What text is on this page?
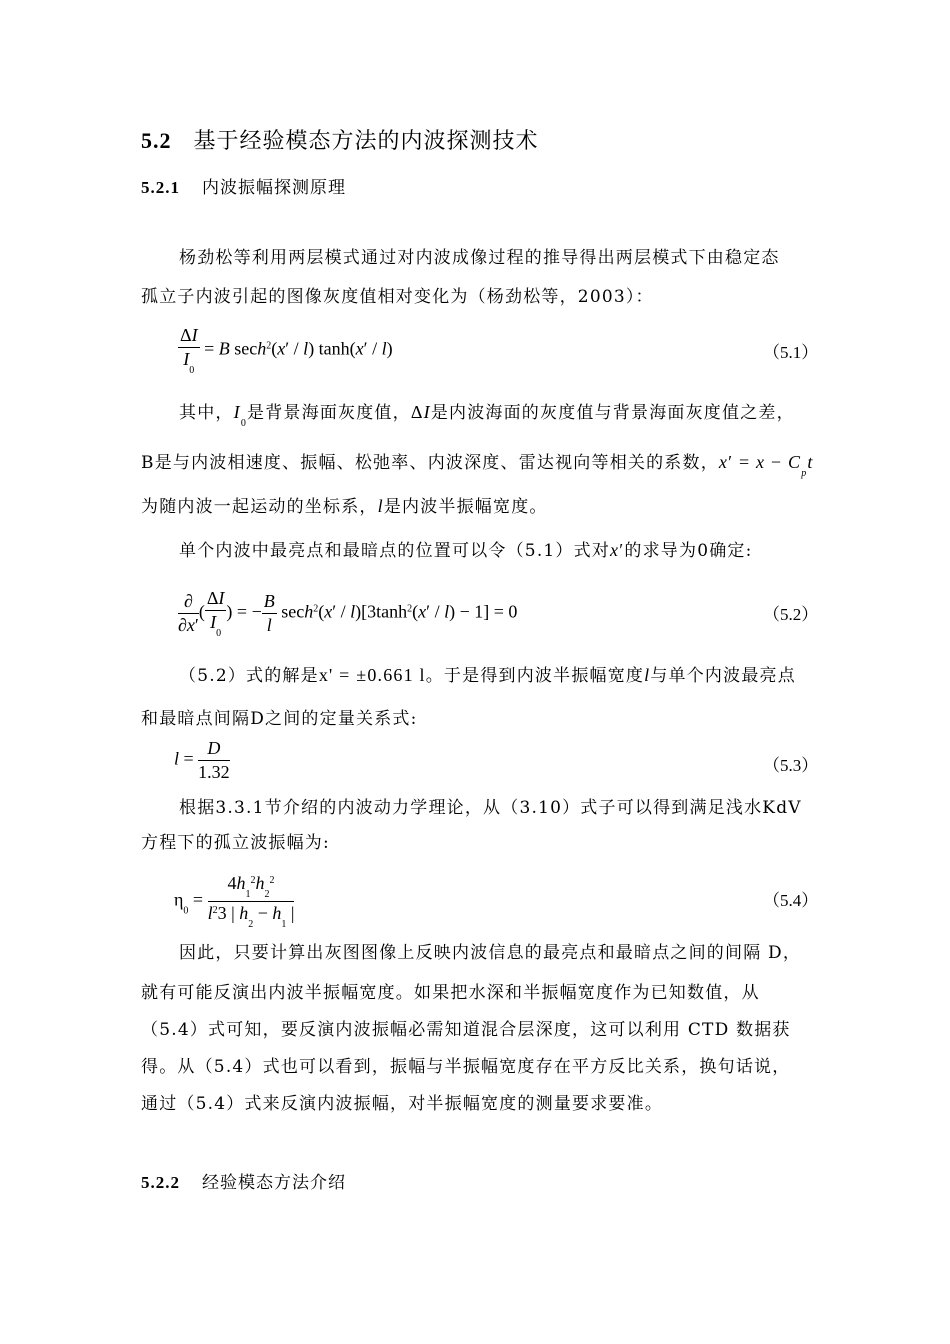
5.2 基于经验模态方法的内波探测技术
5.2.1 内波振幅探测原理
杨劲松等利用两层模式通过对内波成像过程的推导得出两层模式下由稳定态
孤立子内波引起的图像灰度值相对变化为（杨劲松等，2003）：
$\frac{\Delta I}{I_0} = B$ sech$^2$(x′ / l) tanh(x′ / l)	（5.1）
其中，$I_0$是背景海面灰度值，ΔI是内波海面的灰度值与背景海面灰度值之差，
B是与内波相速度、振幅、松弛率、内波深度、雷达视向等相关的系数，$x' = x - C_pt$
为随内波一起运动的坐标系，l是内波半振幅宽度。
单个内波中最亮点和最暗点的位置可以令（5.1）式对x′的求导为0确定:
$\frac{\partial}{\partial x'}$ ( $\frac{\Delta I}{I_0}$ ) = − $\frac{B}{l} \sec h^2(x' / l)[3\tanh^2(x' / l) - 1] = 0$	（5.2）
（5.2）式的解是x' = ±0.661 l。于是得到内波半振幅宽度l与单个内波最亮点
和最暗点间隔D之间的定量关系式:
$l = \frac{D}{1.32}$	（5.3）
根据3.3.1节介绍的内波动力学理论，从（3.10）式子可以得到满足浅水KdV
方程下的孤立波振幅为:
$\eta_0 = \frac{4h_1^2h_2^2}{l^23 | h_2 - h_1 |}$	（5.4）
因此，只要计算出灰图图像上反映内波信息的最亮点和最暗点之间的间隔 D，
就有可能反演出内波半振幅宽度。如果把水深和半振幅宽度作为已知数值，从
（5.4）式可知，要反演内波振幅必需知道混合层深度，这可以利用 CTD 数据获
得。从（5.4）式也可以看到，振幅与半振幅宽度存在平方反比关系，换句话说，
通过（5.4）式来反演内波振幅，对半振幅宽度的测量要求要准。
5.2.2 经验模态方法介绍
